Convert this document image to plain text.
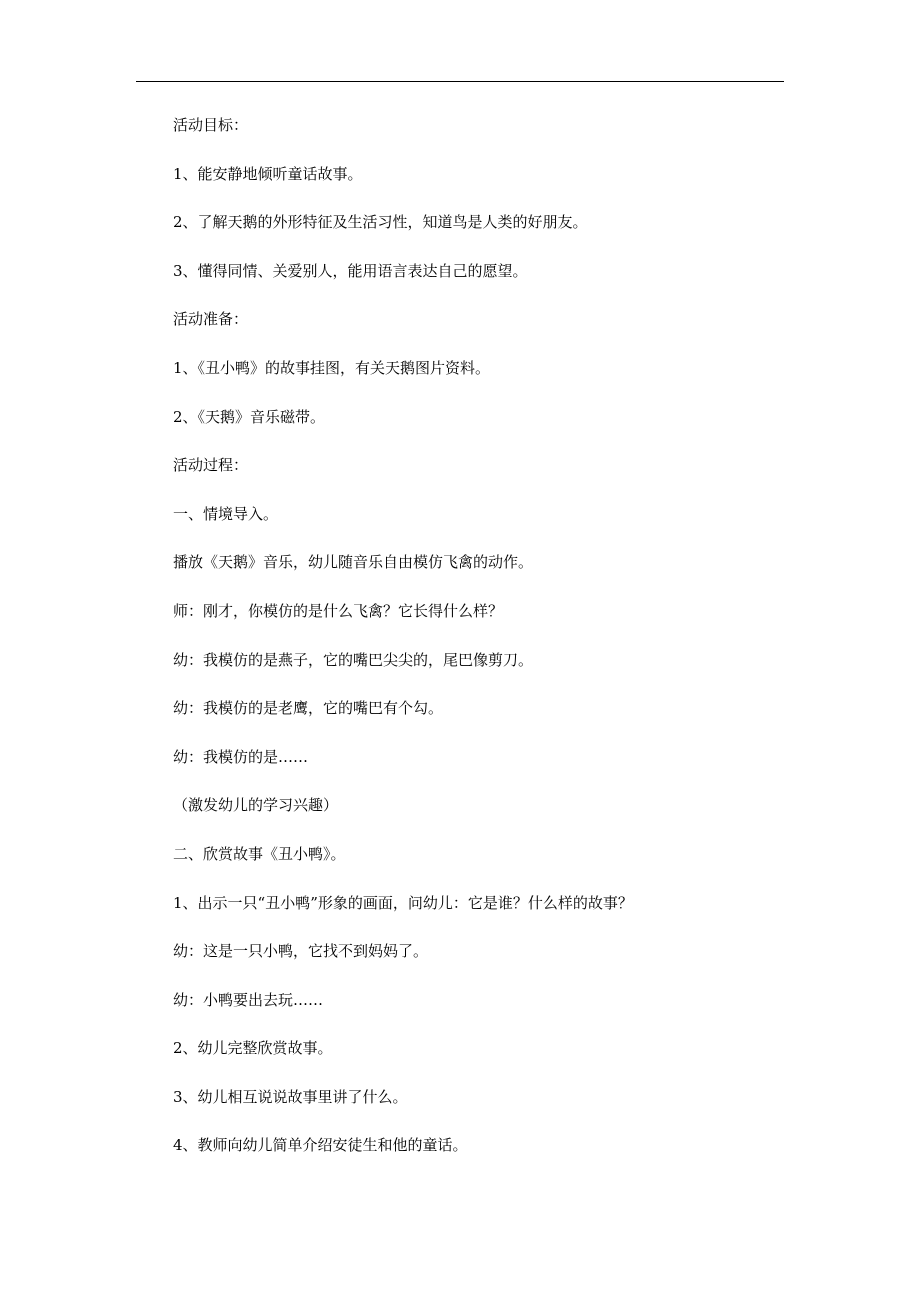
活动目标：
1、能安静地倾听童话故事。
2、了解天鹅的外形特征及生活习性，知道鸟是人类的好朋友。
3、懂得同情、关爱别人，能用语言表达自己的愿望。
活动准备：
1、《丑小鸭》的故事挂图，有关天鹅图片资料。
2、《天鹅》音乐磁带。
活动过程：
一、情境导入。
播放《天鹅》音乐，幼儿随音乐自由模仿飞禽的动作。
师：刚才，你模仿的是什么飞禽？它长得什么样？
幼：我模仿的是燕子，它的嘴巴尖尖的，尾巴像剪刀。
幼：我模仿的是老鹰，它的嘴巴有个勾。
幼：我模仿的是……
（激发幼儿的学习兴趣）
二、欣赏故事《丑小鸭》。
1、出示一只“丑小鸭”形象的画面，问幼儿：它是谁？什么样的故事？
幼：这是一只小鸭，它找不到妈妈了。
幼：小鸭要出去玩……
2、幼儿完整欣赏故事。
3、幼儿相互说说故事里讲了什么。
4、教师向幼儿简单介绍安徒生和他的童话。
